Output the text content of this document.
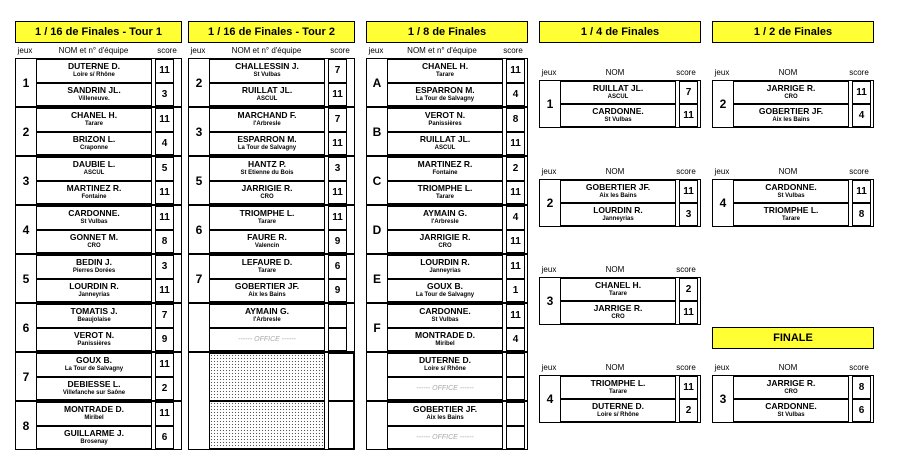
1 / 16 de Finales - Tour 1	1 / 16 de Finales - Tour 2	1 / 8 de Finales	1 / 4 de Finales	1 / 2 de Finales
FINALE
jeux	NOM et n° d'équipe	score
1
DUTERNE D.
Loire s/ Rhône	11
SANDRIN JL.
Villeneuve.	3
2
CHANEL H.
Tarare	11
BRIZON L.
Craponne	4
3
DAUBIE L.
ASCUL	5
MARTINEZ R.
Fontaine	11
4
CARDONNE.
St Vulbas	11
GONNET M.
CRO	8
5
BEDIN J.
Pierres Dorées	3
LOURDIN R.
Janneyrias	11
6
TOMATIS J.
Beaujolaise	7
VEROT N.
Panissières	9
7
GOUX B.
La Tour de Salvagny	11
DEBIESSE L.
Villefanche sur Saône	2
8
MONTRADE D.
Miribel	11
GUILLARME J.
Brosenay	6
jeux	NOM et n° d'équipe	score
2
CHALLESSIN J.
St Vulbas	7
RUILLAT JL.
ASCUL	11
3
MARCHAND F.
l'Arbresle	7
ESPARRON M.
La Tour de Salvagny	11
5
HANTZ P.
St Etienne du Bois	3
JARRIGIE R.
CRO	11
6
TRIOMPHE L.
Tarare	11
FAURE R.
Valencin	9
7
LEFAURE D.
Tarare	6
GOBERTIER JF.
Aix les Bains	9
AYMAIN G.
l'Arbresle
------ OFFICE ------
jeux	NOM et n° d'équipe	score
A
CHANEL H.
Tarare	11
ESPARRON M.
La Tour de Salvagny	4
B
VEROT N.
Panissières	8
RUILLAT JL.
ASCUL	11
C
MARTINEZ R.
Fontaine	2
TRIOMPHE L.
Tarare	11
D
AYMAIN G.
l'Arbresle	4
JARRIGIE R.
CRO	11
E
LOURDIN R.
Janneyrias	11
GOUX B.
La Tour de Salvagny	1
F
CARDONNE.
St Vulbas	11
MONTRADE D.
Miribel	4
DUTERNE D.
Loire s/ Rhône
------ OFFICE ------
GOBERTIER JF.
Aix les Bains
------ OFFICE ------
jeux	NOM	score
1
RUILLAT JL.
ASCUL	7
CARDONNE.
St Vulbas	11
jeux	NOM	score
2
GOBERTIER JF.
Aix les Bains	11
LOURDIN R.
Janneyrias	3
jeux	NOM	score
3
CHANEL H.
Tarare	2
JARRIGE R.
CRO	11
jeux	NOM	score
4
TRIOMPHE L.
Tarare	11
DUTERNE D.
Loire s/ Rhône	2
jeux	NOM	score
2
JARRIGE R.
CRO	11
GOBERTIER JF.
Aix les Bains	4
jeux	NOM	score
4
CARDONNE.
St Vulbas	11
TRIOMPHE L.
Tarare	8
jeux	NOM	score
3
JARRIGE R.
CRO	8
CARDONNE.
St Vulbas	6
